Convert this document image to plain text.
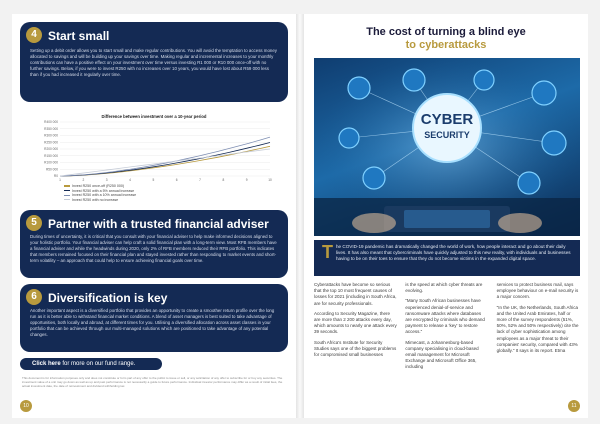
4 Start small
Setting up a debit order allows you to start small and make regular contributions. You will avoid the temptation to access money allocated to savings and will be building up your savings over time. Making regular and incremental increases to your monthly contributions can have a positive effect on your investment over time versus investing R1 000 or R10 000 once-off with no further savings. Below, if you were to invest R250 with no increases over 10 years, you would have lost about R59 000 less than if you had increased it regularly over time.
Difference between investment over a 10-year period
R400 000
R350 000
R300 000
R250 000
R200 000
R150 000
R100 000
R50 000
R0
1	2	3	4	5	6	7	8	9	10
Invest R250 once-off (R250 000)
Invest R250 with a 5% annual increase
Invest R250 with a 10% annual increase
Invest R250 with no increase
5 Partner with a trusted financial adviser
During times of uncertainty, it is critical that you consult with your financial adviser to help make informed decisions aligned to your holistic portfolio. Your financial adviser can help craft a solid financial plan with a long-term view. Most RFB members have a financial adviser and while the headwinds during 2020, only 2% of RFB members reduced their RFB portfolio. This indicates that members remained focused on their financial plan and stayed invested rather than responding to market events and short-term volatility – an approach that could help to ensure achieving financial goals over time.
6 Diversification is key
Another important aspect is a diversified portfolio that provides an opportunity to create a smoother return profile over the long run as it is better able to withstand financial market conditions. A blend of asset managers is best suited to take advantage of opportunities, both locally and abroad, at different times for you. Utilising a diversified allocation across asset classes in your portfolio that can be achieved through our multi-managed solutions which are positioned to take advantage of any potential changes.
Click here for more on our fund range.
This document is for information purposes only and does not constitute or form part of any offer to the public to issue or sell, or any solicitation of any offer to subscribe for or buy any securities. The investment value of a unit may go down as well as up and past performance is not necessarily a guide to future performance. Individual investor performance may differ as a result of initial fees, the actual investment date, the date of reinvestment and dividend withholding tax.
10
The cost of turning a blind eye
to cyberattacks
CYBER
SECURITY
T he COVID-19 pandemic has dramatically changed the world of work, how people interact and go about their daily lives. It has also meant that cybercriminals have quickly adjusted to this new reality, with individuals and businesses having to be on their toes to ensure that they do not become victims in the expanded digital space.

Cyberattacks have become so serious that the top 10 most frequent causes of losses for 2021 (including in South Africa, are for security professionals.

According to Security Magazine, there are more than 2 200 attacks every day, which amounts to nearly one attack every 39 seconds.

South Africa's Institute for Security Studies says one of the biggest problems for compromised small businesses

is the speed at which cyber threats are evolving.

"Many South African businesses have experienced denial-of-service and ransomware attacks where databases are encrypted by criminals who demand payment to release a 'key' to restore access."

Mimecast, a Johannesburg-based company specialising in cloud-based email management for Microsoft Exchange and Microsoft Office 365, including

services to protect business mail, says employee behaviour on e-mail security is a major concern.

"In the UK, the Netherlands, South Africa and the United Arab Emirates, half or more of the survey respondents (51%, 50%, 52% and 50% respectively) cite the lack of cyber sophistication among employees as a major threat to their companies' security, compared with 43% globally." It says in its report. Etma

11
